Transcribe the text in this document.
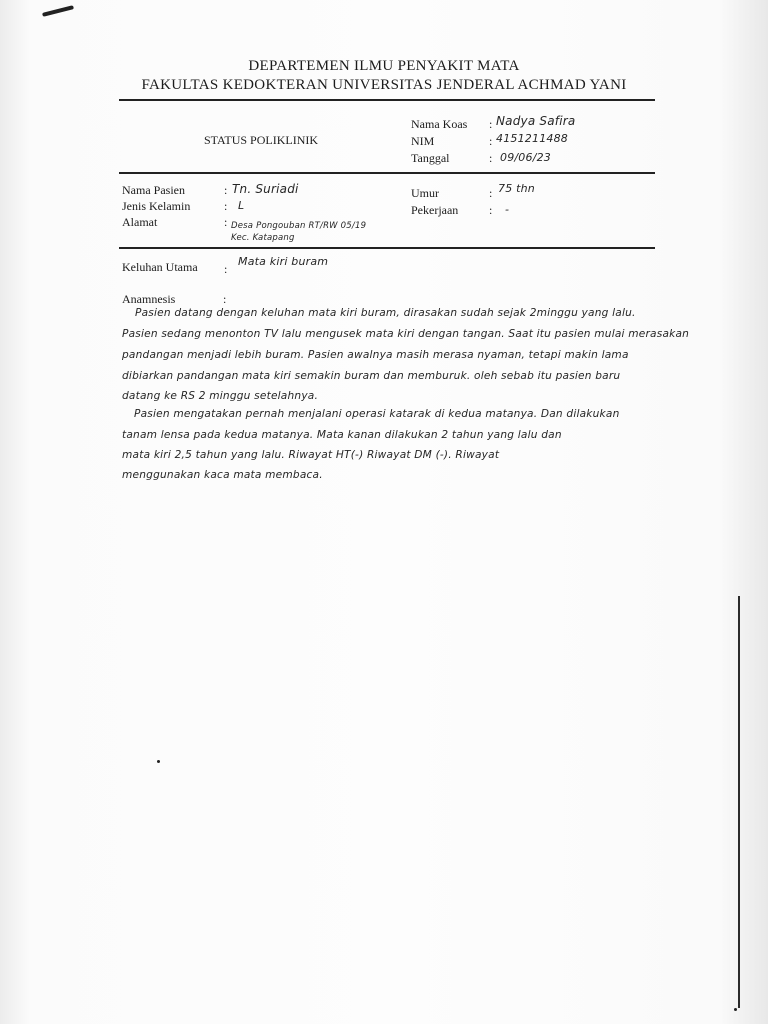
DEPARTEMEN ILMU PENYAKIT MATA
FAKULTAS KEDOKTERAN UNIVERSITAS JENDERAL ACHMAD YANI
STATUS POLIKLINIK
Nama Koas
NIM
Tanggal
:
:
:
Nadya Safira
4151211488
09/06/23
Nama Pasien
Jenis Kelamin
Alamat
:
:
:
Tn. Suriadi
L
Desa Pongouban RT/RW 05/19
Kec. Katapang
Umur
Pekerjaan
:
:
75 thn
-
Keluhan Utama :
Mata kiri buram
Anamnesis	:
Pasien datang dengan keluhan mata kiri buram, dirasakan sudah sejak 2minggu yang lalu.
Pasien sedang menonton TV lalu mengusek mata kiri dengan tangan. Saat itu pasien mulai merasakan
pandangan menjadi lebih buram. Pasien awalnya masih merasa nyaman, tetapi makin lama
dibiarkan pandangan mata kiri semakin buram dan memburuk. oleh sebab itu pasien baru
datang ke RS 2 minggu setelahnya.
Pasien mengatakan pernah menjalani operasi katarak di kedua matanya. Dan dilakukan
tanam lensa pada kedua matanya. Mata kanan dilakukan 2 tahun yang lalu dan
mata kiri 2,5 tahun yang lalu. Riwayat HT(-) Riwayat DM (-). Riwayat
menggunakan kaca mata membaca.
